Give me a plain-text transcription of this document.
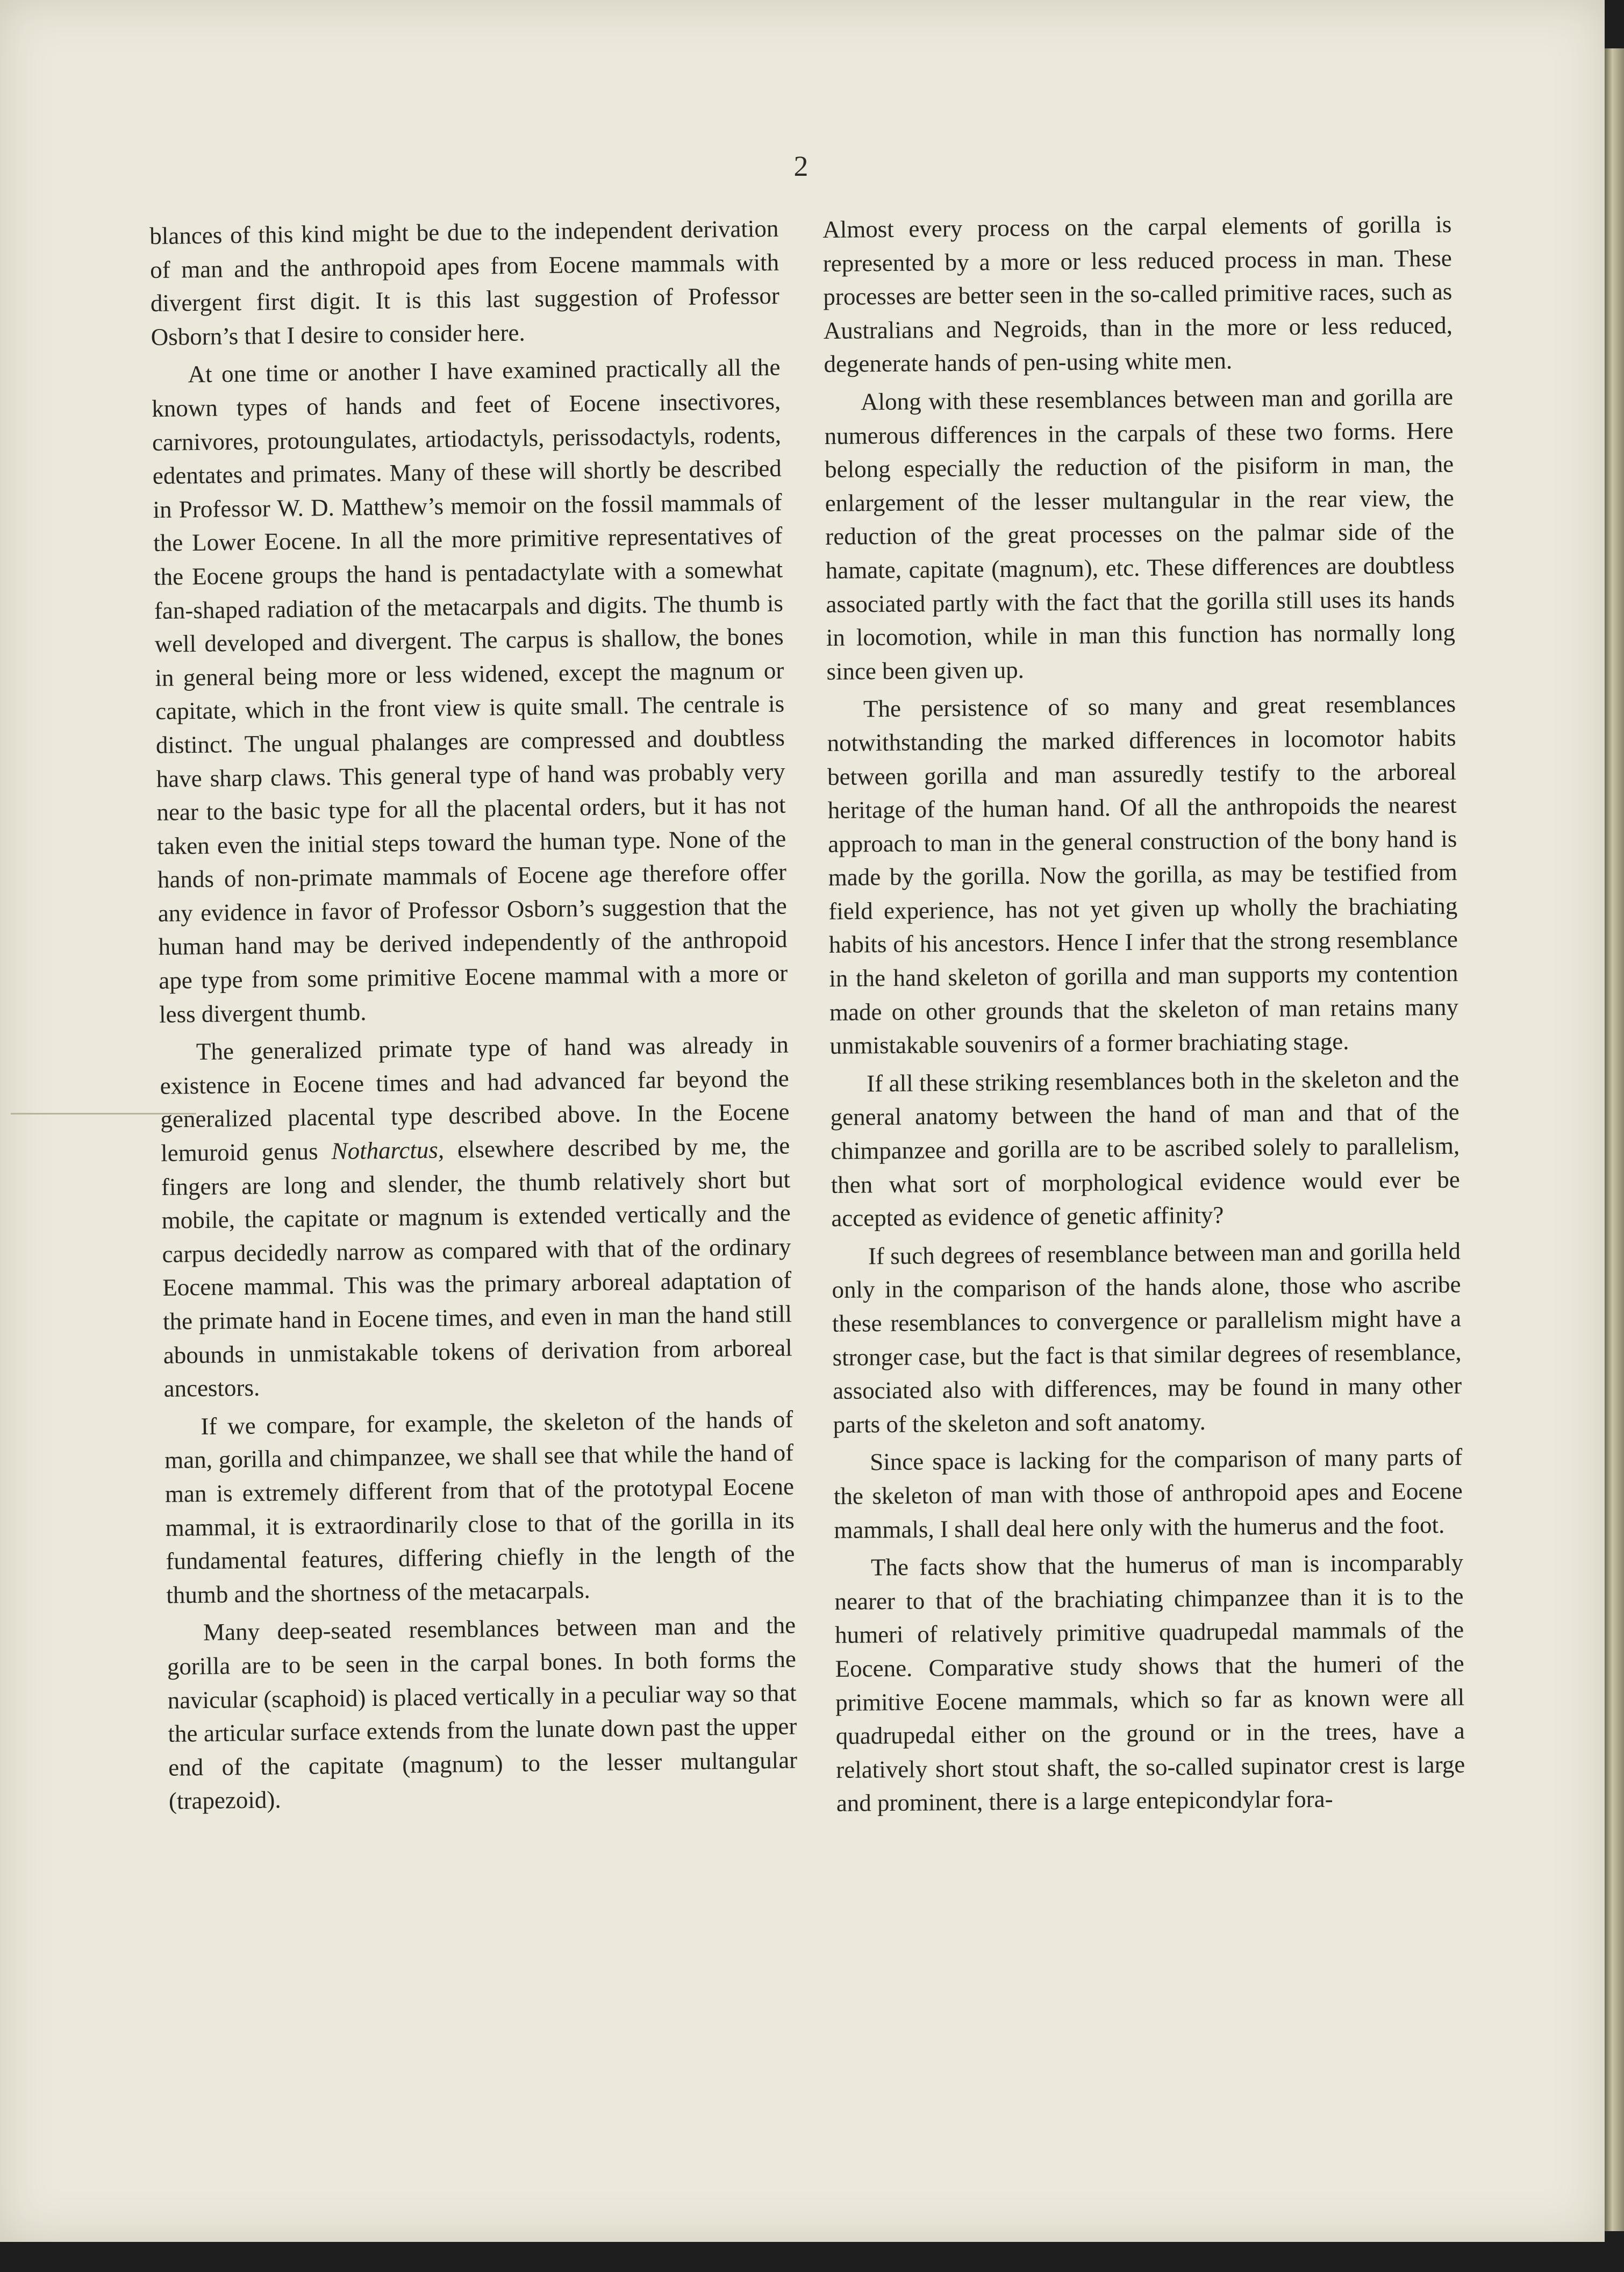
2

blances of this kind might be due to the independent derivation of man and the anthropoid apes from Eocene mammals with divergent first digit. It is this last suggestion of Professor Osborn’s that I desire to consider here.

At one time or another I have examined practically all the known types of hands and feet of Eocene insectivores, carnivores, protoungulates, artiodactyls, perissodactyls, rodents, edentates and primates. Many of these will shortly be described in Professor W. D. Matthew’s memoir on the fossil mammals of the Lower Eocene. In all the more primitive representatives of the Eocene groups the hand is pentadactylate with a somewhat fan-shaped radiation of the metacarpals and digits. The thumb is well developed and divergent. The carpus is shallow, the bones in general being more or less widened, except the magnum or capitate, which in the front view is quite small. The centrale is distinct. The ungual phalanges are compressed and doubtless have sharp claws. This general type of hand was probably very near to the basic type for all the placental orders, but it has not taken even the initial steps toward the human type. None of the hands of non-primate mammals of Eocene age therefore offer any evidence in favor of Professor Osborn’s suggestion that the human hand may be derived independently of the anthropoid ape type from some primitive Eocene mammal with a more or less divergent thumb.

The generalized primate type of hand was already in existence in Eocene times and had advanced far beyond the generalized placental type described above. In the Eocene lemuroid genus Notharctus, elsewhere described by me, the fingers are long and slender, the thumb relatively short but mobile, the capitate or magnum is extended vertically and the carpus decidedly narrow as compared with that of the ordinary Eocene mammal. This was the primary arboreal adaptation of the primate hand in Eocene times, and even in man the hand still abounds in unmistakable tokens of derivation from arboreal ancestors.

If we compare, for example, the skeleton of the hands of man, gorilla and chimpanzee, we shall see that while the hand of man is extremely different from that of the prototypal Eocene mammal, it is extraordinarily close to that of the gorilla in its fundamental features, differing chiefly in the length of the thumb and the shortness of the metacarpals.

Many deep-seated resemblances between man and the gorilla are to be seen in the carpal bones. In both forms the navicular (scaphoid) is placed vertically in a peculiar way so that the articular surface extends from the lunate down past the upper end of the capitate (magnum) to the lesser multangular (trapezoid).

Almost every process on the carpal elements of gorilla is represented by a more or less reduced process in man. These processes are better seen in the so-called primitive races, such as Australians and Negroids, than in the more or less reduced, degenerate hands of pen-using white men.

Along with these resemblances between man and gorilla are numerous differences in the carpals of these two forms. Here belong especially the reduction of the pisiform in man, the enlargement of the lesser multangular in the rear view, the reduction of the great processes on the palmar side of the hamate, capitate (magnum), etc. These differences are doubtless associated partly with the fact that the gorilla still uses its hands in locomotion, while in man this function has normally long since been given up.

The persistence of so many and great resemblances notwithstanding the marked differences in locomotor habits between gorilla and man assuredly testify to the arboreal heritage of the human hand. Of all the anthropoids the nearest approach to man in the general construction of the bony hand is made by the gorilla. Now the gorilla, as may be testified from field experience, has not yet given up wholly the brachiating habits of his ancestors. Hence I infer that the strong resemblance in the hand skeleton of gorilla and man supports my contention made on other grounds that the skeleton of man retains many unmistakable souvenirs of a former brachiating stage.

If all these striking resemblances both in the skeleton and the general anatomy between the hand of man and that of the chimpanzee and gorilla are to be ascribed solely to parallelism, then what sort of morphological evidence would ever be accepted as evidence of genetic affinity?

If such degrees of resemblance between man and gorilla held only in the comparison of the hands alone, those who ascribe these resemblances to convergence or parallelism might have a stronger case, but the fact is that similar degrees of resemblance, associated also with differences, may be found in many other parts of the skeleton and soft anatomy.

Since space is lacking for the comparison of many parts of the skeleton of man with those of anthropoid apes and Eocene mammals, I shall deal here only with the humerus and the foot.

The facts show that the humerus of man is incomparably nearer to that of the brachiating chimpanzee than it is to the humeri of relatively primitive quadrupedal mammals of the Eocene. Comparative study shows that the humeri of the primitive Eocene mammals, which so far as known were all quadrupedal either on the ground or in the trees, have a relatively short stout shaft, the so-called supinator crest is large and prominent, there is a large entepicondylar fora-
